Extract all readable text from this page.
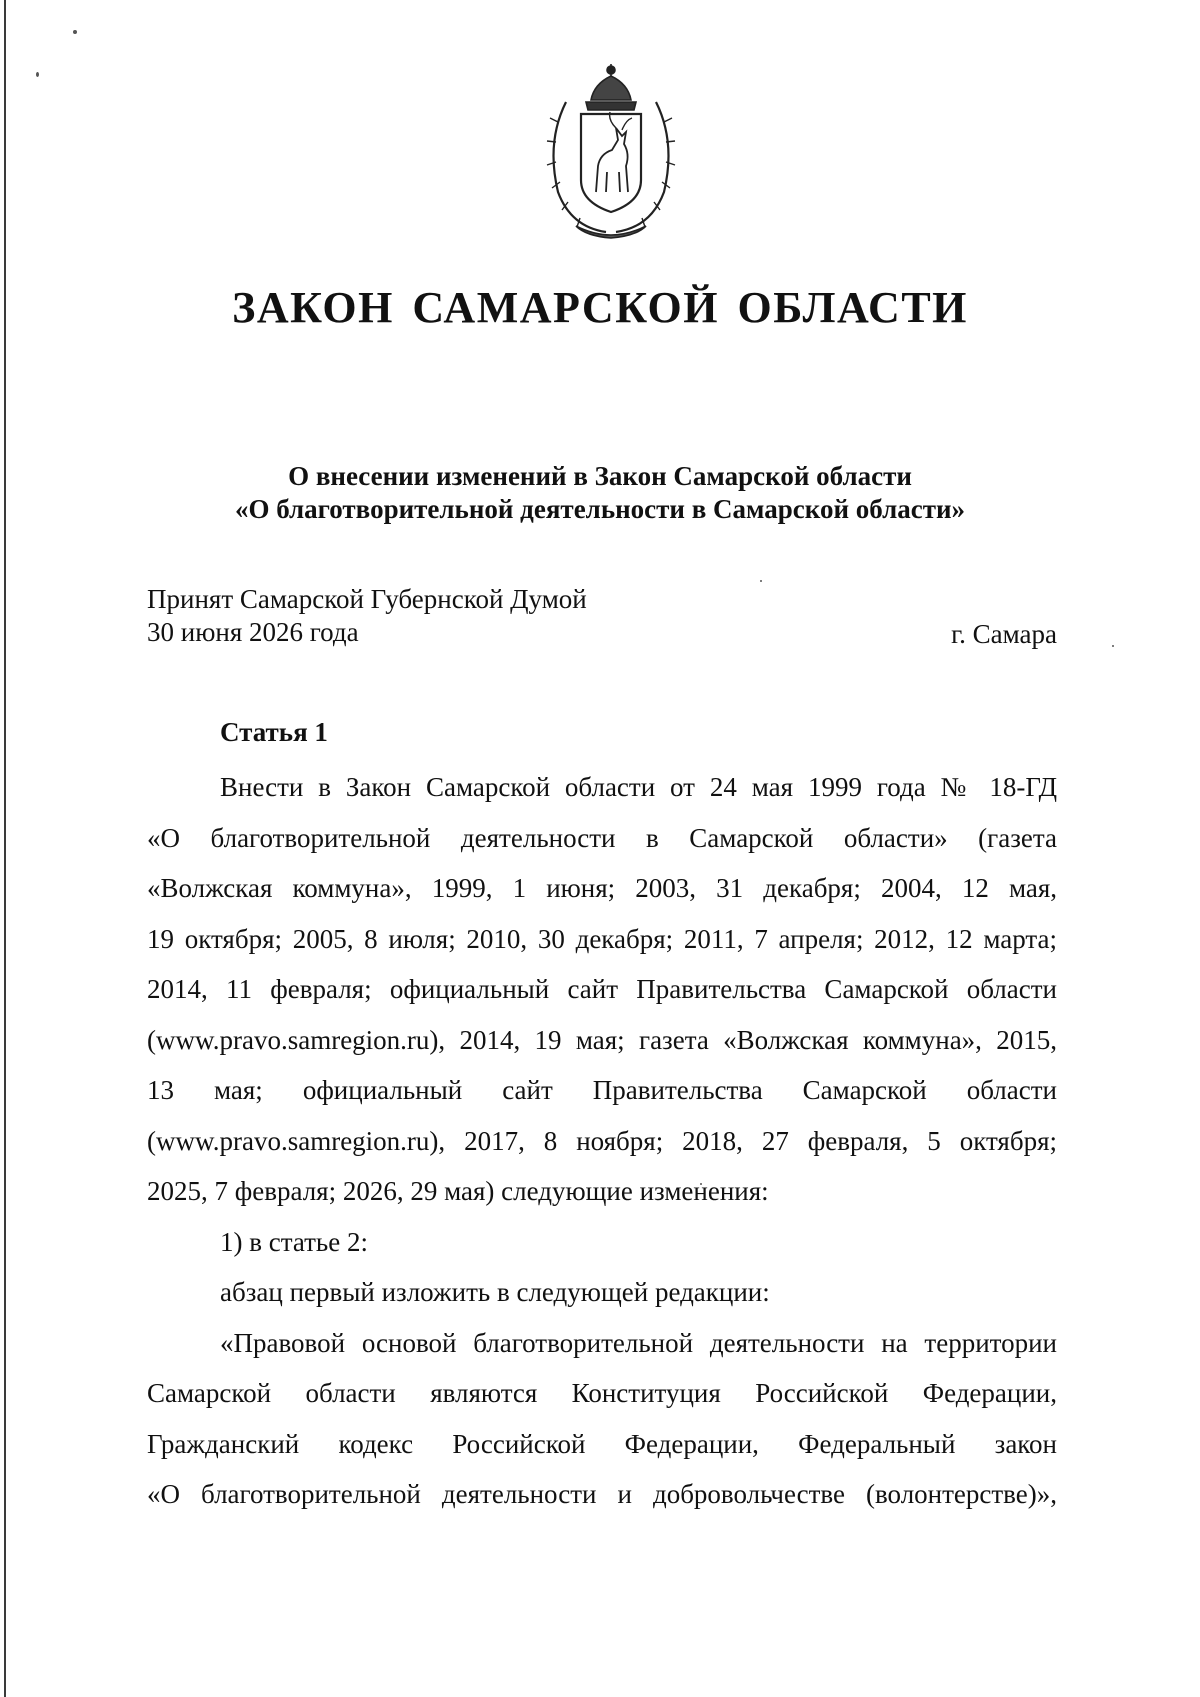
ЗАКОН САМАРСКОЙ ОБЛАСТИ
О внесении изменений в Закон Самарской области
«О благотворительной деятельности в Самарской области»
Принят Самарской Губернской Думой
30 июня 2026 года	г. Самара
Статья 1
Внести в Закон Самарской области от 24 мая 1999 года № 18-ГД
«О благотворительной деятельности в Самарской области» (газета
«Волжская коммуна», 1999, 1 июня; 2003, 31 декабря; 2004, 12 мая,
19 октября; 2005, 8 июля; 2010, 30 декабря; 2011, 7 апреля; 2012, 12 марта;
2014, 11 февраля; официальный сайт Правительства Самарской области
(www.pravo.samregion.ru), 2014, 19 мая; газета «Волжская коммуна», 2015,
13 мая; официальный сайт Правительства Самарской области
(www.pravo.samregion.ru), 2017, 8 ноября; 2018, 27 февраля, 5 октября;
2025, 7 февраля; 2026, 29 мая) следующие изменения:
1) в статье 2:
абзац первый изложить в следующей редакции:
«Правовой основой благотворительной деятельности на территории
Самарской области являются Конституция Российской Федерации,
Гражданский кодекс Российской Федерации, Федеральный закон
«О благотворительной деятельности и добровольчестве (волонтерстве)»,
